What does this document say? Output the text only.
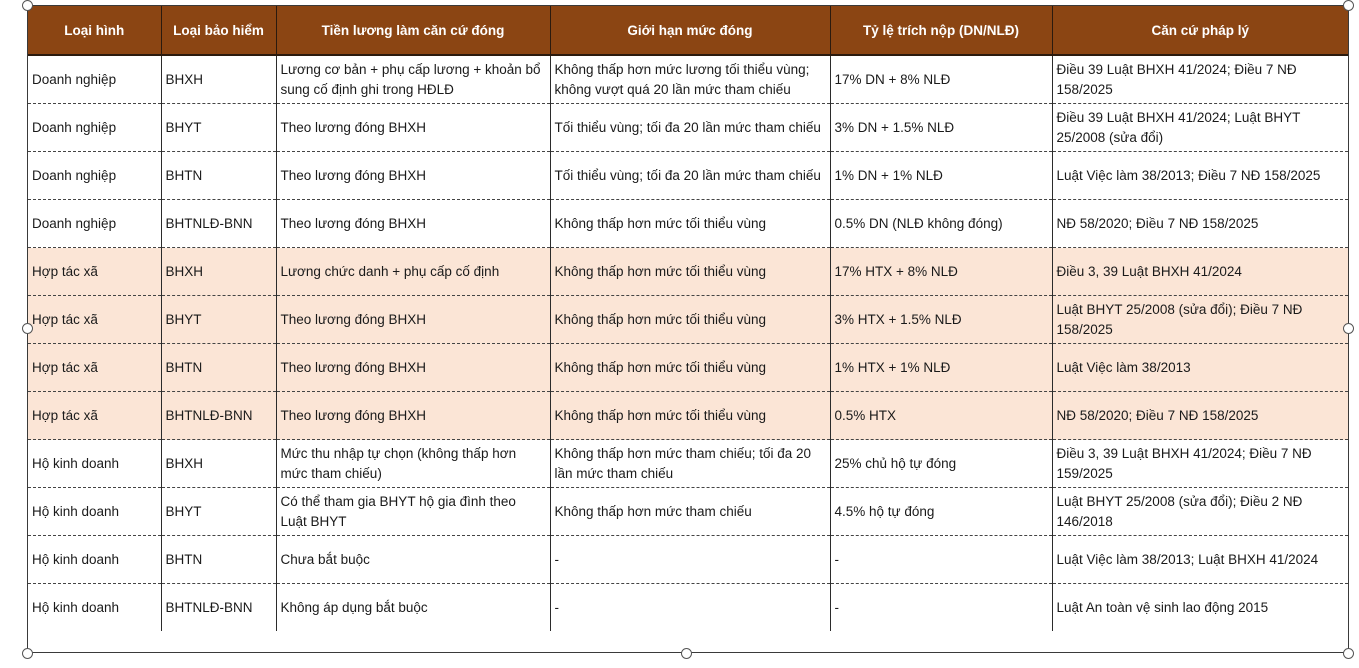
Loại hình	Loại bảo hiểm	Tiền lương làm căn cứ đóng	Giới hạn mức đóng	Tỷ lệ trích nộp (DN/NLĐ)	Căn cứ pháp lý
Doanh nghiệp	BHXH	Lương cơ bản + phụ cấp lương + khoản bổ sung cố định ghi trong HĐLĐ	Không thấp hơn mức lương tối thiểu vùng; không vượt quá 20 lần mức tham chiếu	17% DN + 8% NLĐ	Điều 39 Luật BHXH 41/2024; Điều 7 NĐ 158/2025
Doanh nghiệp	BHYT	Theo lương đóng BHXH	Tối thiểu vùng; tối đa 20 lần mức tham chiếu	3% DN + 1.5% NLĐ	Điều 39 Luật BHXH 41/2024; Luật BHYT 25/2008 (sửa đổi)
Doanh nghiệp	BHTN	Theo lương đóng BHXH	Tối thiểu vùng; tối đa 20 lần mức tham chiếu	1% DN + 1% NLĐ	Luật Việc làm 38/2013; Điều 7 NĐ 158/2025
Doanh nghiệp	BHTNLĐ-BNN	Theo lương đóng BHXH	Không thấp hơn mức tối thiểu vùng	0.5% DN (NLĐ không đóng)	NĐ 58/2020; Điều 7 NĐ 158/2025
Hợp tác xã	BHXH	Lương chức danh + phụ cấp cố định	Không thấp hơn mức tối thiểu vùng	17% HTX + 8% NLĐ	Điều 3, 39 Luật BHXH 41/2024
Hợp tác xã	BHYT	Theo lương đóng BHXH	Không thấp hơn mức tối thiểu vùng	3% HTX + 1.5% NLĐ	Luật BHYT 25/2008 (sửa đổi); Điều 7 NĐ 158/2025
Hợp tác xã	BHTN	Theo lương đóng BHXH	Không thấp hơn mức tối thiểu vùng	1% HTX + 1% NLĐ	Luật Việc làm 38/2013
Hợp tác xã	BHTNLĐ-BNN	Theo lương đóng BHXH	Không thấp hơn mức tối thiểu vùng	0.5% HTX	NĐ 58/2020; Điều 7 NĐ 158/2025
Hộ kinh doanh	BHXH	Mức thu nhập tự chọn (không thấp hơn mức tham chiếu)	Không thấp hơn mức tham chiếu; tối đa 20 lần mức tham chiếu	25% chủ hộ tự đóng	Điều 3, 39 Luật BHXH 41/2024; Điều 7 NĐ 159/2025
Hộ kinh doanh	BHYT	Có thể tham gia BHYT hộ gia đình theo Luật BHYT	Không thấp hơn mức tham chiếu	4.5% hộ tự đóng	Luật BHYT 25/2008 (sửa đổi); Điều 2 NĐ 146/2018
Hộ kinh doanh	BHTN	Chưa bắt buộc	-	-	Luật Việc làm 38/2013; Luật BHXH 41/2024
Hộ kinh doanh	BHTNLĐ-BNN	Không áp dụng bắt buộc	-	-	Luật An toàn vệ sinh lao động 2015
